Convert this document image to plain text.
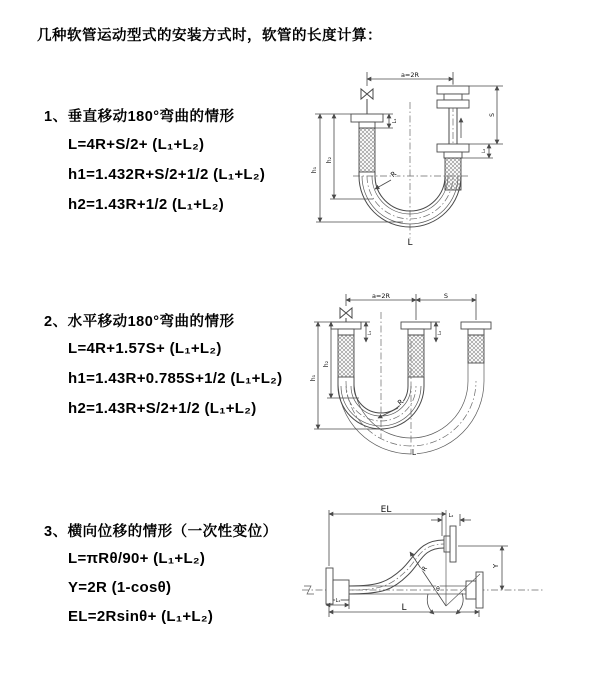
几种软管运动型式的安装方式时，软管的长度计算：
1、垂直移动180°弯曲的情形
L=4R+S/2+ (L₁+L₂)
h1=1.432R+S/2+1/2 (L₁+L₂)
h2=1.43R+1/2 (L₁+L₂)
2、水平移动180°弯曲的情形
L=4R+1.57S+ (L₁+L₂)
h1=1.43R+0.785S+1/2 (L₁+L₂)
h2=1.43R+S/2+1/2 (L₁+L₂)
3、横向位移的情形（一次性变位）
L=πRθ/90+ (L₁+L₂)
Y=2R (1-cosθ)
EL=2Rsinθ+ (L₁+L₂)
a=2R
h₁
h₂
L₁
S
L₂
R
L
a=2R	S
h₁
h₂
L₁	L₂
R
L
EL
L₂
Y
R
θ
L
L₁
